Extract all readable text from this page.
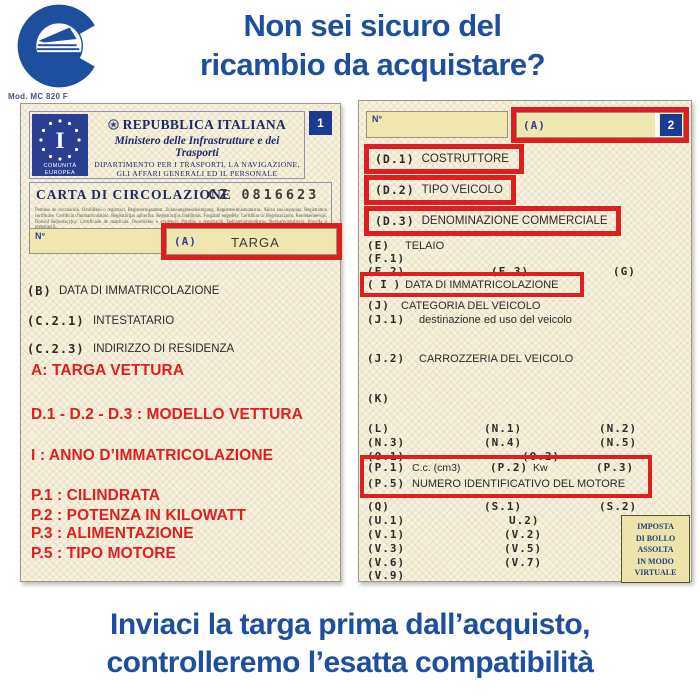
Non sei sicuro del
ricambio da acquistare?
Mod. MC 820 F
I
COMUNITÀ
EUROPEA
REPUBBLICA ITALIANA
Ministero delle Infrastrutture e dei Trasporti
DIPARTIMENTO PER I TRASPORTI, LA NAVIGAZIONE,
GLI AFFARI GENERALI ED IL PERSONALE
1
CARTA DI CIRCOLAZIONE
CZ 0816623
Permiso de circulación. Osvědčení o registraci. Registreringsattest. Zulassungsbescheinigung. Registreerimistunnistus. Άδεια κυκλοφορίας. Registration certificate. Certificat d'immatriculation. Registrācijas apliecība. Registracijos liudijimas. Forgalmi engedély. Certifikat ta' Registrazzjoni. Kentekenbewijs. Dowód Rejestracyjny. Certificado de matrícula. Osvedčenie o evidencii. Potrdilo o registraciji. Rekisteröintitodistus. Registreringsbevis. Potvrda o
N°	(A)	TARGA
(B) DATA DI IMMATRICOLAZIONE
(C.2.1) INTESTATARIO
(C.2.3) INDIRIZZO DI RESIDENZA
A: TARGA VETTURA
D.1 - D.2 - D.3 : MODELLO VETTURA
I : ANNO D’IMMATRICOLAZIONE
P.1 : CILINDRATA
P.2 : POTENZA IN KILOWATT
P.3 : ALIMENTAZIONE
P.5 : TIPO MOTORE
N°	(A)	2
(D.1) COSTRUTTORE
(D.2) TIPO VEICOLO
(D.3) DENOMINAZIONE COMMERCIALE
(E) TELAIO
(F.1)
(F.2)	(F.3)	(G)
( I ) DATA DI IMMATRICOLAZIONE
(J) CATEGORIA DEL VEICOLO
(J.1) destinazione ed uso del veicolo
(J.2) CARROZZERIA DEL VEICOLO
(K)
(L)	(N.1)	(N.2)
(N.3)	(N.4)	(N.5)
(O.1)	(O.2)
(P.1) C.c. (cm3)	(P.2) Kw	(P.3)
(P.5) NUMERO IDENTIFICATIVO DEL MOTORE
(Q)	(S.1)	(S.2)
(U.1)	U.2)
(V.1)	(V.2)
(V.3)	(V.5)
(V.6)	(V.7)
(V.9)
IMPOSTA
DI BOLLO
ASSOLTA
IN MODO
VIRTUALE
Inviaci la targa prima dall’acquisto,
controlleremo l’esatta compatibilità
